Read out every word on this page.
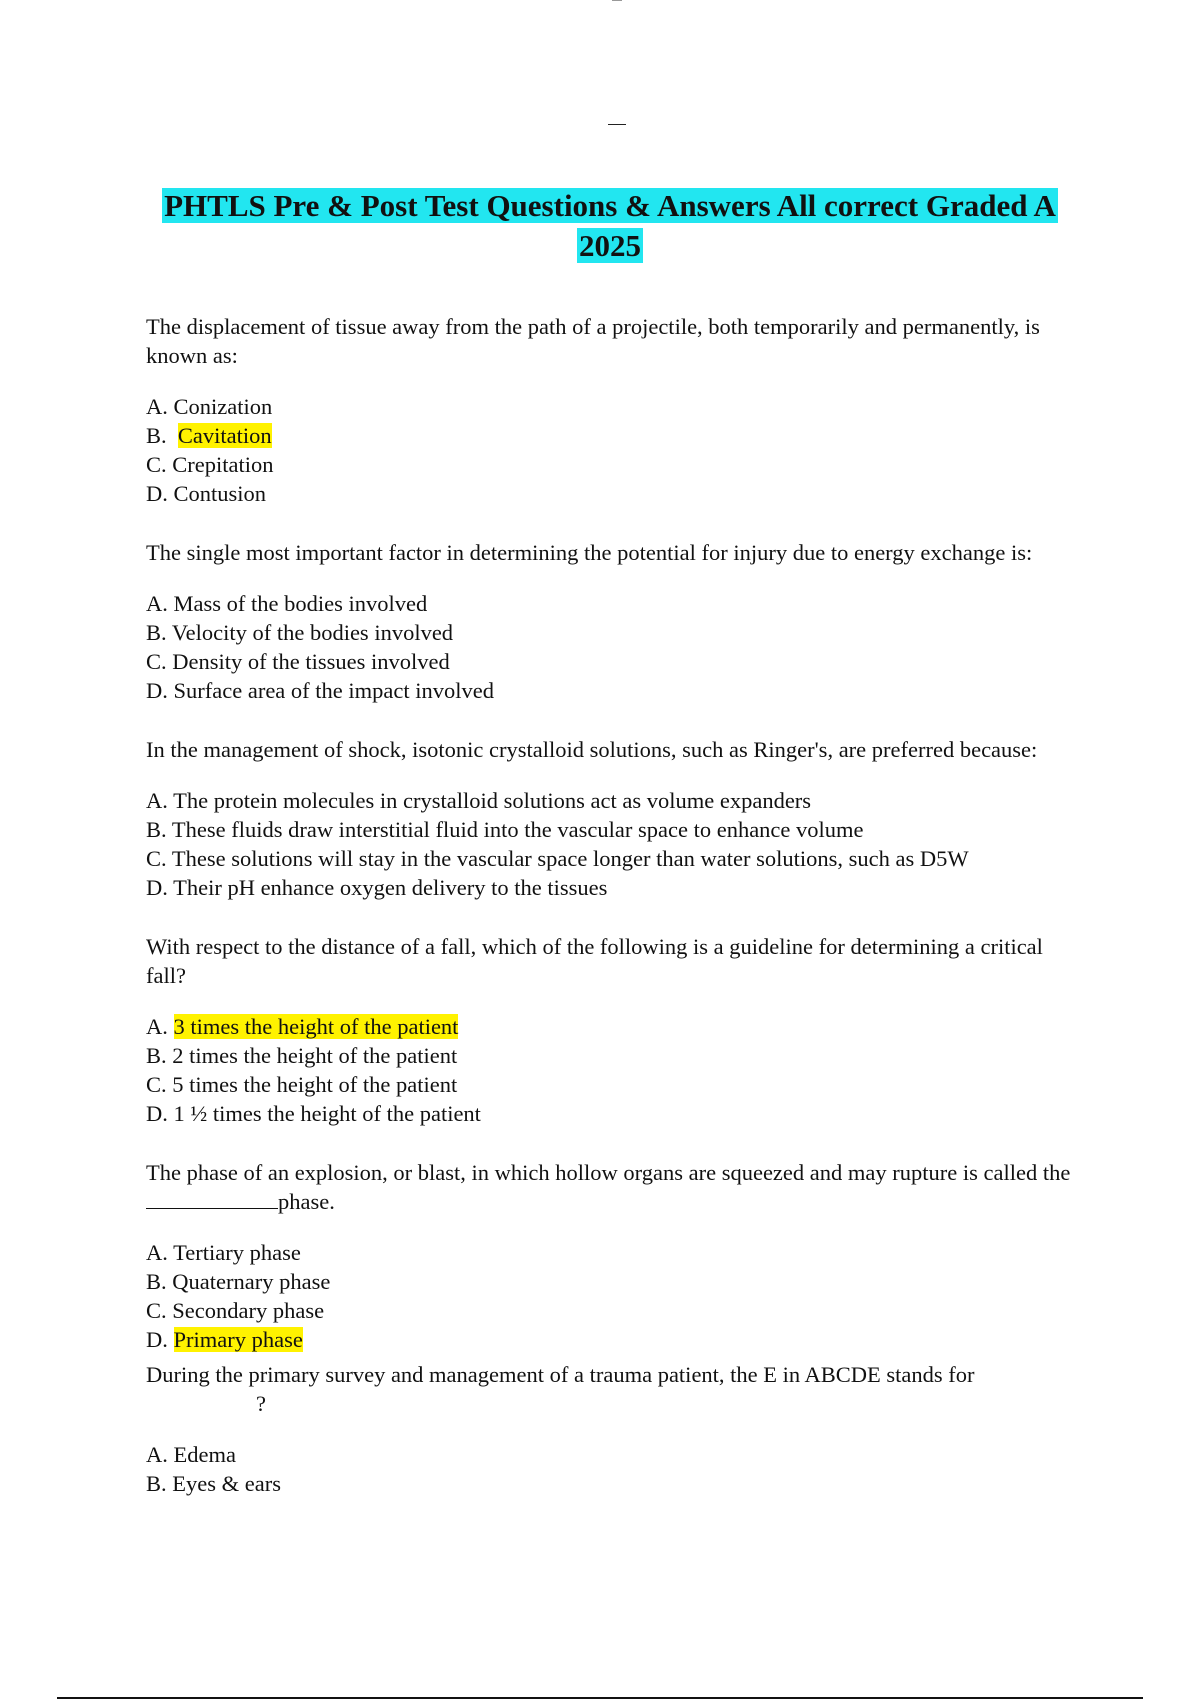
PHTLS Pre & Post Test Questions & Answers All correct Graded A
2025

The displacement of tissue away from the path of a projectile, both temporarily and permanently, is known as:

A. Conization
B. Cavitation
C. Crepitation
D. Contusion

The single most important factor in determining the potential for injury due to energy exchange is:

A. Mass of the bodies involved
B. Velocity of the bodies involved
C. Density of the tissues involved
D. Surface area of the impact involved

In the management of shock, isotonic crystalloid solutions, such as Ringer's, are preferred because:

A. The protein molecules in crystalloid solutions act as volume expanders
B. These fluids draw interstitial fluid into the vascular space to enhance volume
C. These solutions will stay in the vascular space longer than water solutions, such as D5W
D. Their pH enhance oxygen delivery to the tissues

With respect to the distance of a fall, which of the following is a guideline for determining a critical fall?

A. 3 times the height of the patient
B. 2 times the height of the patient
C. 5 times the height of the patient
D. 1 ½ times the height of the patient

The phase of an explosion, or blast, in which hollow organs are squeezed and may rupture is called thephase.

A. Tertiary phase
B. Quaternary phase
C. Secondary phase
D. Primary phase

During the primary survey and management of a trauma patient, the E in ABCDE stands for
?

A. Edema
B. Eyes & ears
